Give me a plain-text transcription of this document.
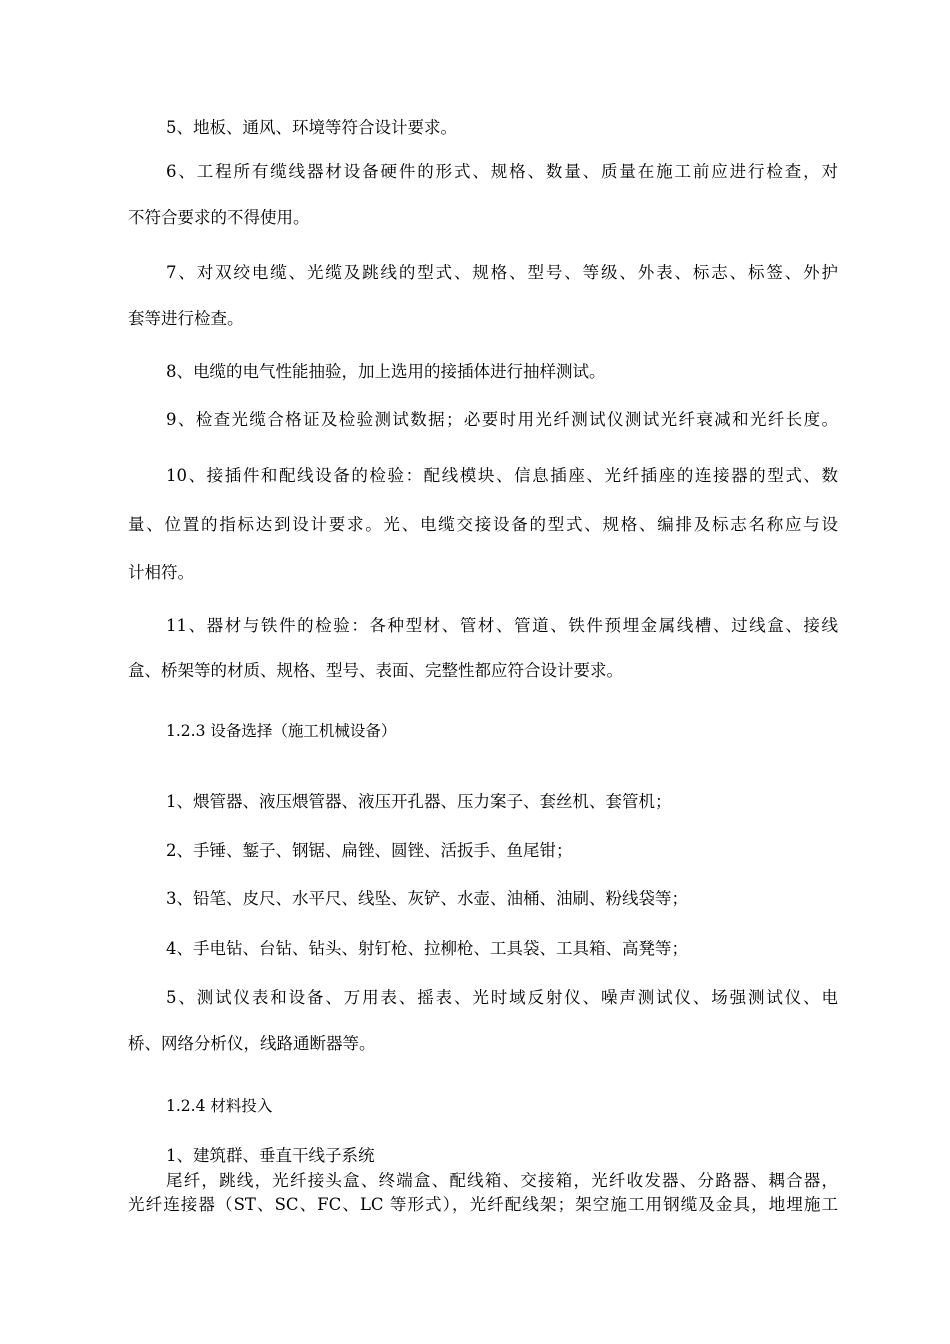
5、地板、通风、环境等符合设计要求。
6、工程所有缆线器材设备硬件的形式、规格、数量、质量在施工前应进行检查，对
不符合要求的不得使用。
7、对双绞电缆、光缆及跳线的型式、规格、型号、等级、外表、标志、标签、外护
套等进行检查。
8、电缆的电气性能抽验，加上选用的接插体进行抽样测试。
9、检查光缆合格证及检验测试数据；必要时用光纤测试仪测试光纤衰减和光纤长度。
10、接插件和配线设备的检验：配线模块、信息插座、光纤插座的连接器的型式、数
量、位置的指标达到设计要求。光、电缆交接设备的型式、规格、编排及标志名称应与设
计相符。
11、器材与铁件的检验：各种型材、管材、管道、铁件预埋金属线槽、过线盒、接线
盒、桥架等的材质、规格、型号、表面、完整性都应符合设计要求。
1.2.3 设备选择（施工机械设备）
1、煨管器、液压煨管器、液压开孔器、压力案子、套丝机、套管机；
2、手锤、錾子、钢锯、扁锉、圆锉、活扳手、鱼尾钳；
3、铅笔、皮尺、水平尺、线坠、灰铲、水壶、油桶、油刷、粉线袋等；
4、手电钻、台钻、钻头、射钉枪、拉柳枪、工具袋、工具箱、高凳等；
5、测试仪表和设备、万用表、摇表、光时域反射仪、噪声测试仪、场强测试仪、电
桥、网络分析仪，线路通断器等。
1.2.4 材料投入
1、建筑群、垂直干线子系统
尾纤，跳线，光纤接头盒、终端盒、配线箱、交接箱，光纤收发器、分路器、耦合器，
光纤连接器（ST、SC、FC、LC 等形式），光纤配线架；架空施工用钢缆及金具，地埋施工
